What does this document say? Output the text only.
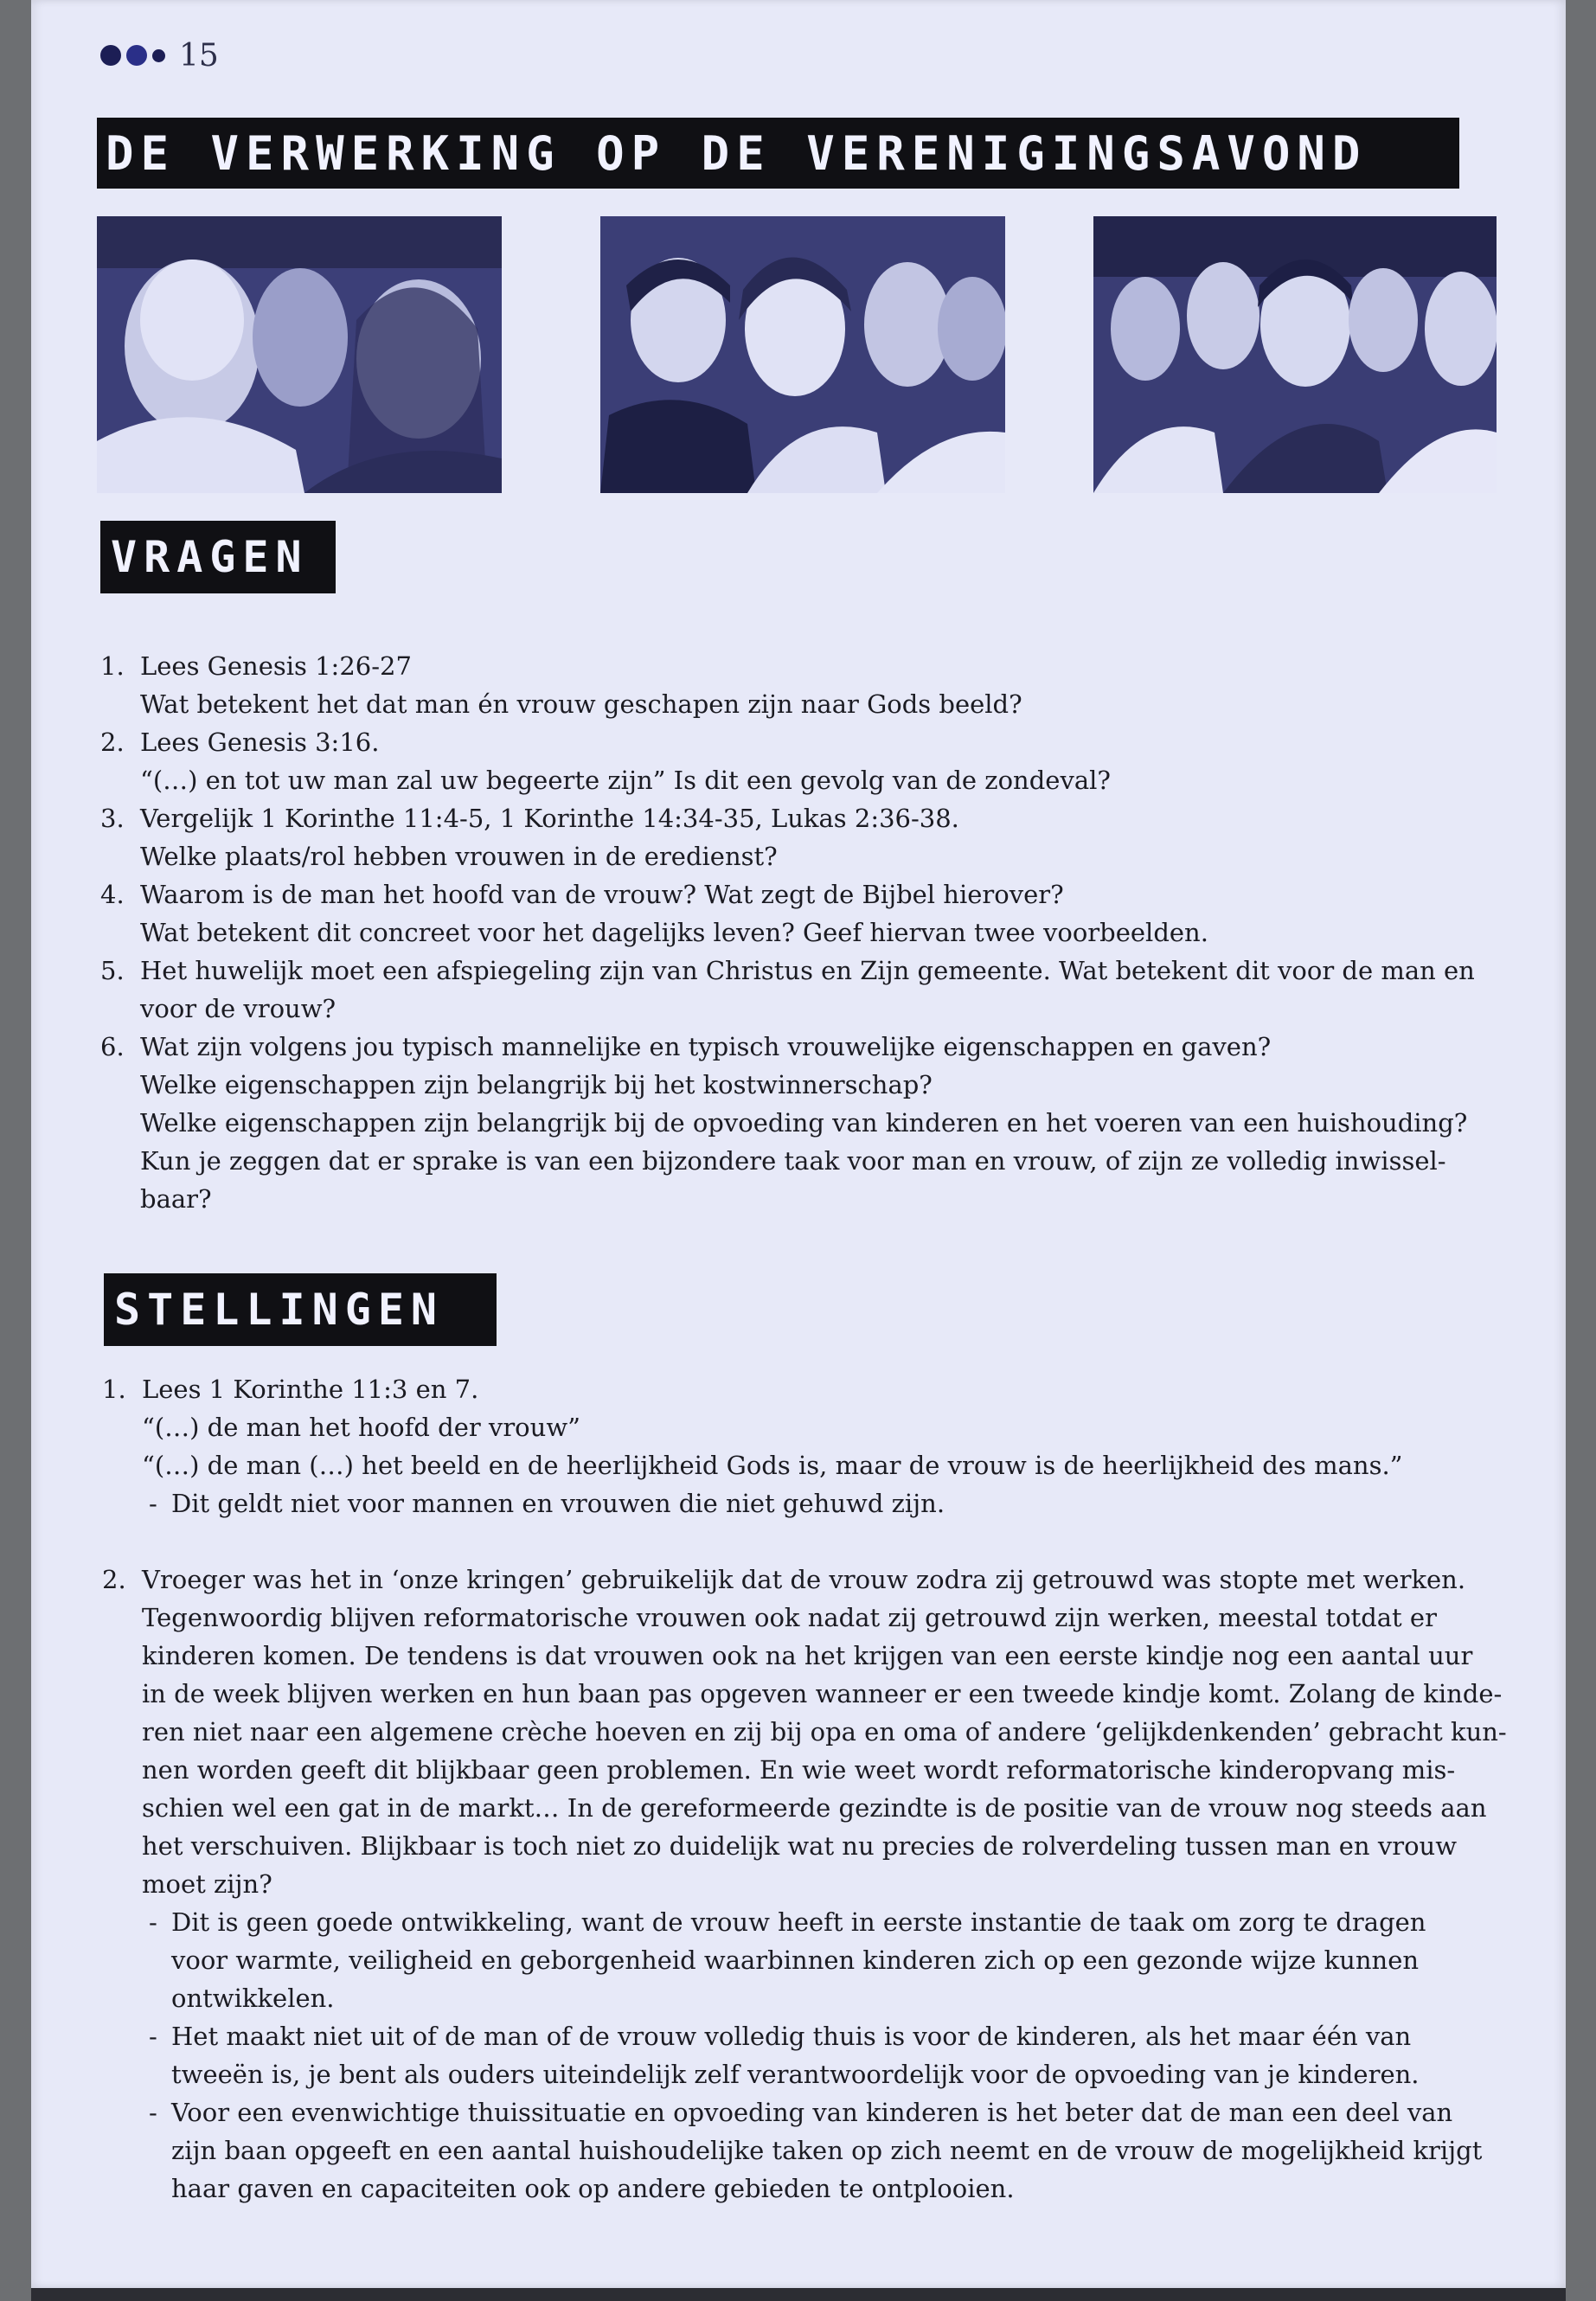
15
DE VERWERKING OP DE VERENIGINGSAVOND
VRAGEN
1. Lees Genesis 1:26-27
Wat betekent het dat man én vrouw geschapen zijn naar Gods beeld?
2. Lees Genesis 3:16.
“(…) en tot uw man zal uw begeerte zijn” Is dit een gevolg van de zondeval?
3. Vergelijk 1 Korinthe 11:4-5, 1 Korinthe 14:34-35, Lukas 2:36-38.
Welke plaats/rol hebben vrouwen in de eredienst?
4. Waarom is de man het hoofd van de vrouw? Wat zegt de Bijbel hierover?
Wat betekent dit concreet voor het dagelijks leven? Geef hiervan twee voorbeelden.
5. Het huwelijk moet een afspiegeling zijn van Christus en Zijn gemeente. Wat betekent dit voor de man en
voor de vrouw?
6. Wat zijn volgens jou typisch mannelijke en typisch vrouwelijke eigenschappen en gaven?
Welke eigenschappen zijn belangrijk bij het kostwinnerschap?
Welke eigenschappen zijn belangrijk bij de opvoeding van kinderen en het voeren van een huishouding?
Kun je zeggen dat er sprake is van een bijzondere taak voor man en vrouw, of zijn ze volledig inwissel-
baar?
STELLINGEN
1. Lees 1 Korinthe 11:3 en 7.
“(…) de man het hoofd der vrouw”
“(…) de man (…) het beeld en de heerlijkheid Gods is, maar de vrouw is de heerlijkheid des mans.”
- Dit geldt niet voor mannen en vrouwen die niet gehuwd zijn.
2. Vroeger was het in ‘onze kringen’ gebruikelijk dat de vrouw zodra zij getrouwd was stopte met werken.
Tegenwoordig blijven reformatorische vrouwen ook nadat zij getrouwd zijn werken, meestal totdat er
kinderen komen. De tendens is dat vrouwen ook na het krijgen van een eerste kindje nog een aantal uur
in de week blijven werken en hun baan pas opgeven wanneer er een tweede kindje komt. Zolang de kinde-
ren niet naar een algemene crèche hoeven en zij bij opa en oma of andere ‘gelijkdenkenden’ gebracht kun-
nen worden geeft dit blijkbaar geen problemen. En wie weet wordt reformatorische kinderopvang mis-
schien wel een gat in de markt… In de gereformeerde gezindte is de positie van de vrouw nog steeds aan
het verschuiven. Blijkbaar is toch niet zo duidelijk wat nu precies de rolverdeling tussen man en vrouw
moet zijn?
- Dit is geen goede ontwikkeling, want de vrouw heeft in eerste instantie de taak om zorg te dragen
voor warmte, veiligheid en geborgenheid waarbinnen kinderen zich op een gezonde wijze kunnen
ontwikkelen.
- Het maakt niet uit of de man of de vrouw volledig thuis is voor de kinderen, als het maar één van
tweeën is, je bent als ouders uiteindelijk zelf verantwoordelijk voor de opvoeding van je kinderen.
- Voor een evenwichtige thuissituatie en opvoeding van kinderen is het beter dat de man een deel van
zijn baan opgeeft en een aantal huishoudelijke taken op zich neemt en de vrouw de mogelijkheid krijgt
haar gaven en capaciteiten ook op andere gebieden te ontplooien.
